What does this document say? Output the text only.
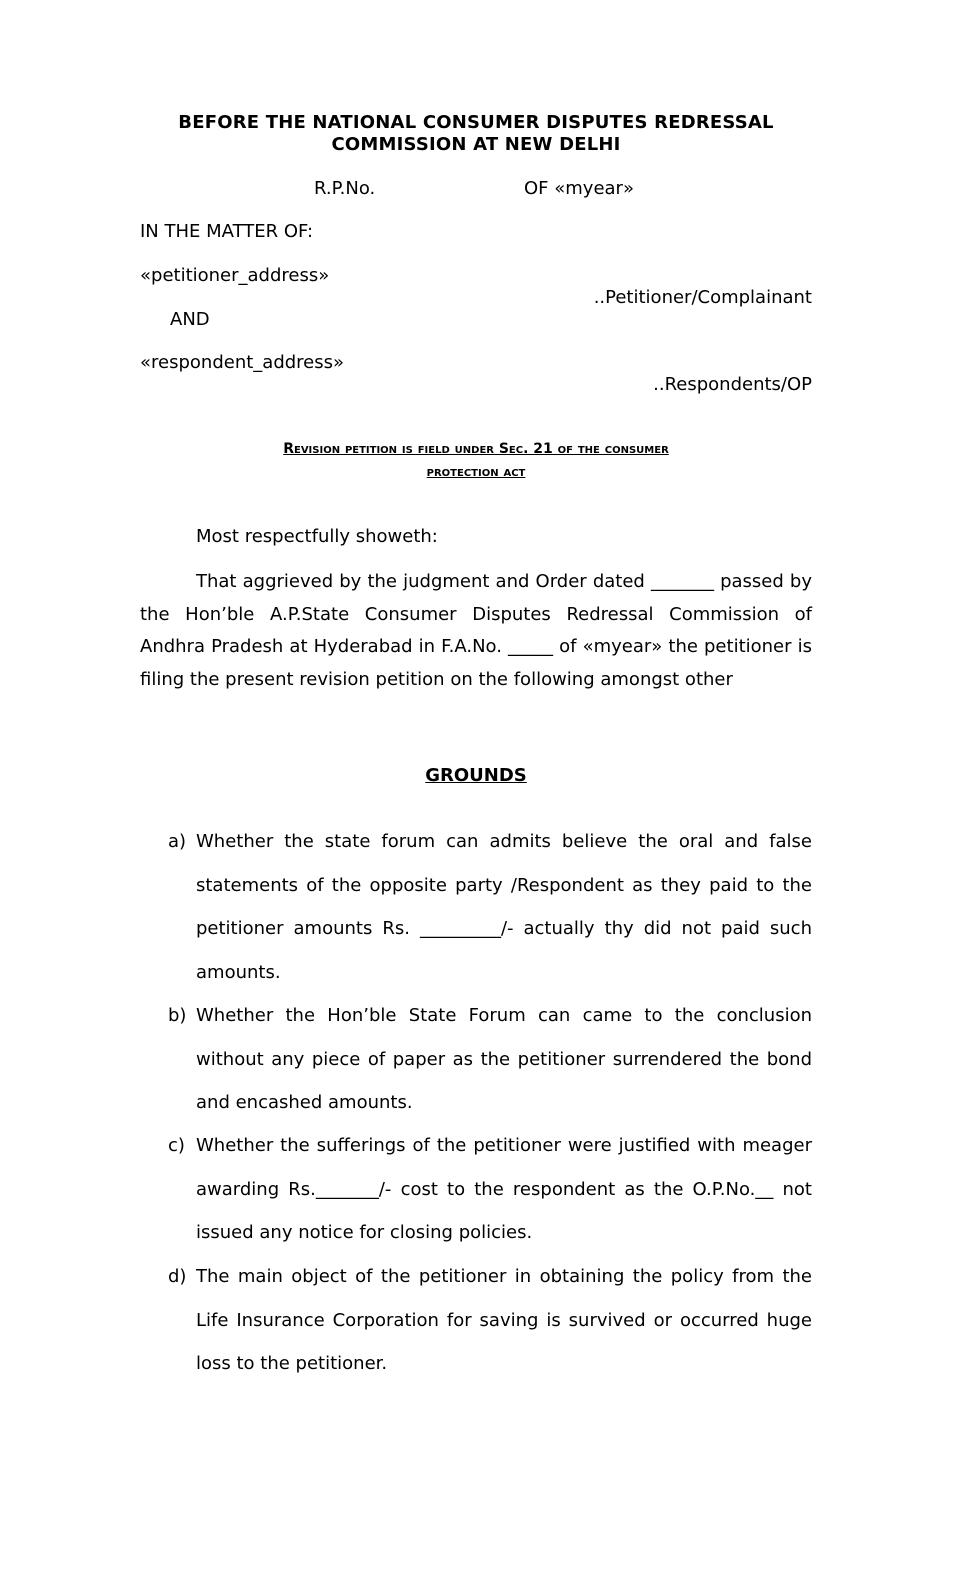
BEFORE THE NATIONAL CONSUMER DISPUTES REDRESSAL
COMMISSION AT NEW DELHI
R.P.No.	OF «myear»
IN THE MATTER OF:
«petitioner_address»
..Petitioner/Complainant
AND
«respondent_address»
..Respondents/OP
Revision petition is field under Sec. 21 of the consumer
protection act
Most respectfully showeth:
That aggrieved by the judgment and Order dated _______ passed by the Hon’ble A.P.State Consumer Disputes Redressal Commission of Andhra Pradesh at Hyderabad in F.A.No. _____ of «myear» the petitioner is filing the present revision petition on the following amongst other
GROUNDS
a) Whether the state forum can admits believe the oral and false statements of the opposite party /Respondent as they paid to the petitioner amounts Rs. _________/- actually thy did not paid such amounts.
b) Whether the Hon’ble State Forum can came to the conclusion without any piece of paper as the petitioner surrendered the bond and encashed amounts.
c) Whether the sufferings of the petitioner were justified with meager awarding Rs._______/- cost to the respondent as the O.P.No.__ not issued any notice for closing policies.
d) The main object of the petitioner in obtaining the policy from the Life Insurance Corporation for saving is survived or occurred huge loss to the petitioner.
